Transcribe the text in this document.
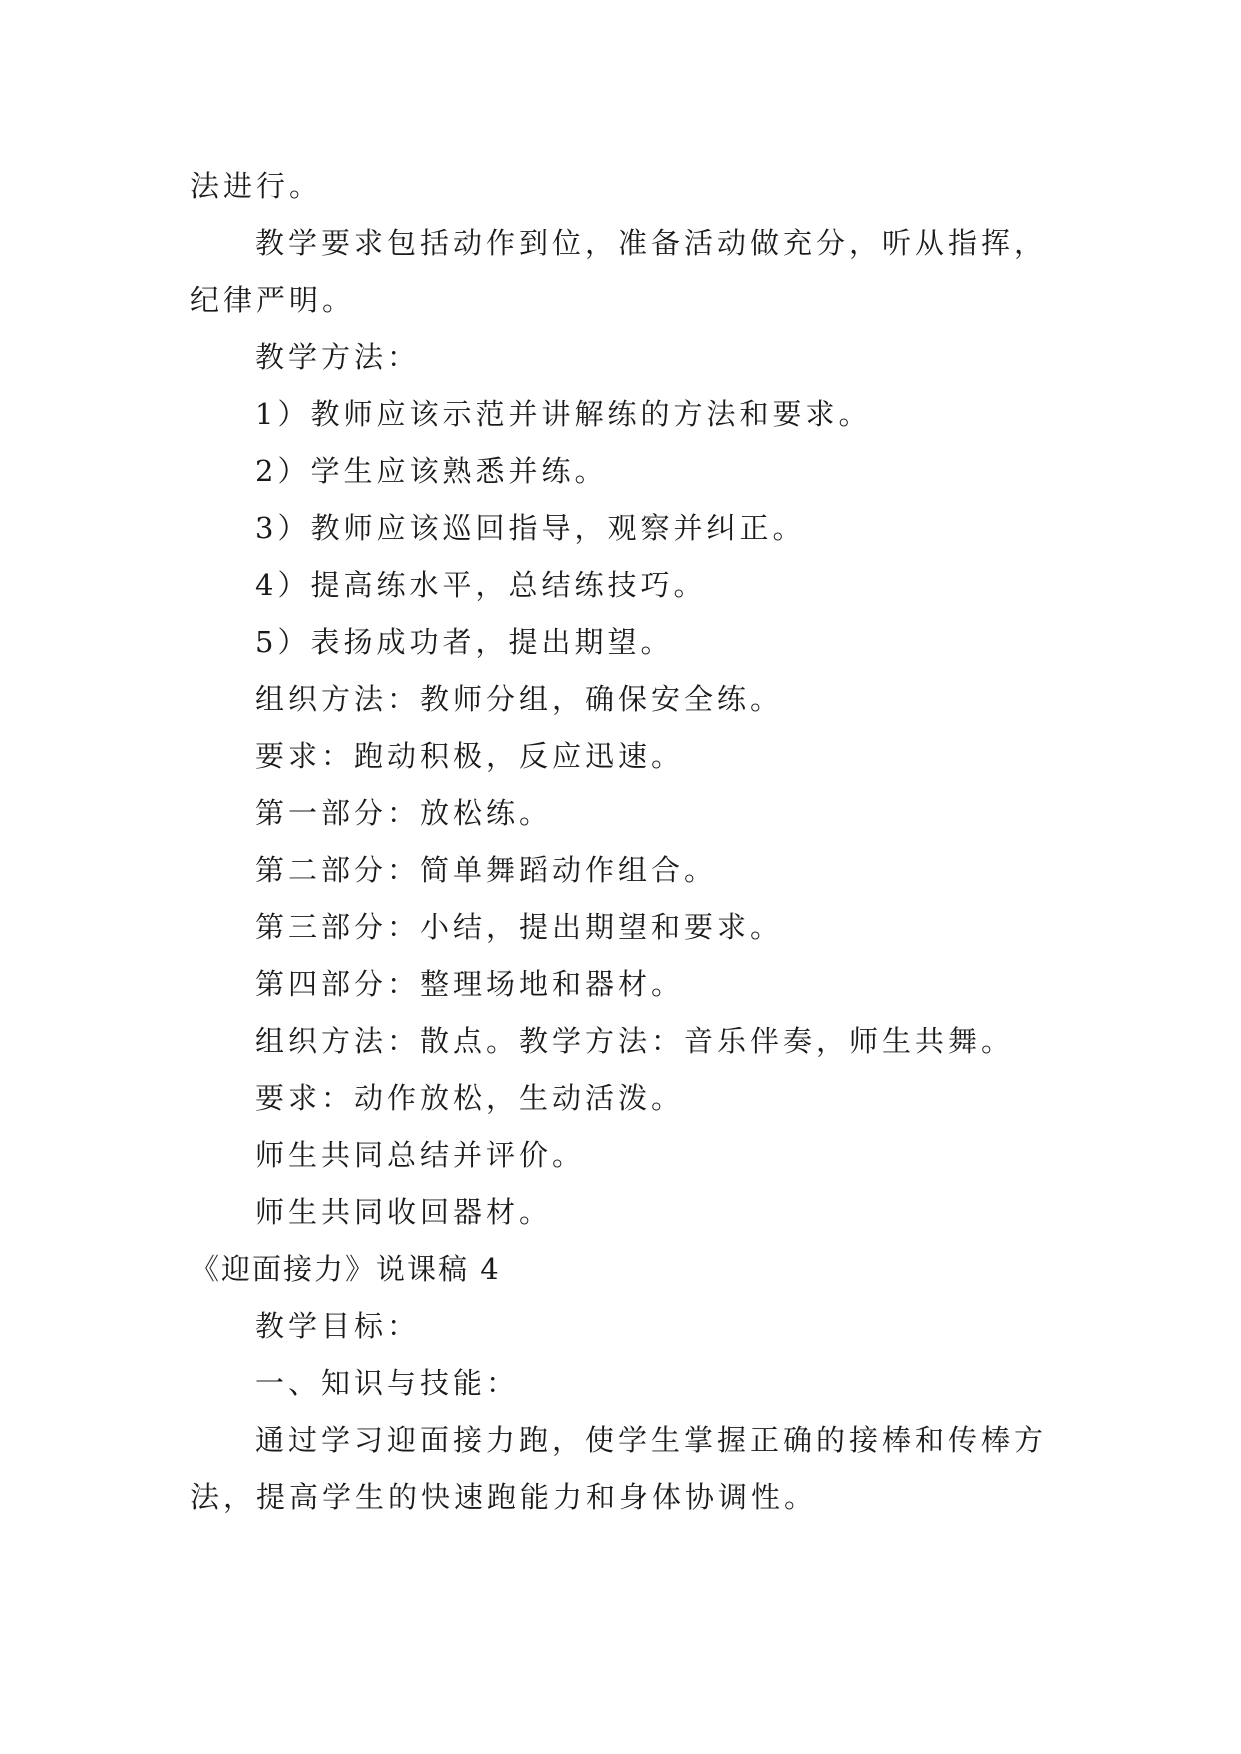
法进行。
教学要求包括动作到位，准备活动做充分，听从指挥，
纪律严明。
教学方法：
1）教师应该示范并讲解练的方法和要求。
2）学生应该熟悉并练。
3）教师应该巡回指导，观察并纠正。
4）提高练水平，总结练技巧。
5）表扬成功者，提出期望。
组织方法：教师分组，确保安全练。
要求：跑动积极，反应迅速。
第一部分：放松练。
第二部分：简单舞蹈动作组合。
第三部分：小结，提出期望和要求。
第四部分：整理场地和器材。
组织方法：散点。教学方法：音乐伴奏，师生共舞。
要求：动作放松，生动活泼。
师生共同总结并评价。
师生共同收回器材。
《迎面接力》说课稿 4
教学目标：
一、知识与技能：
通过学习迎面接力跑，使学生掌握正确的接棒和传棒方
法，提高学生的快速跑能力和身体协调性。
